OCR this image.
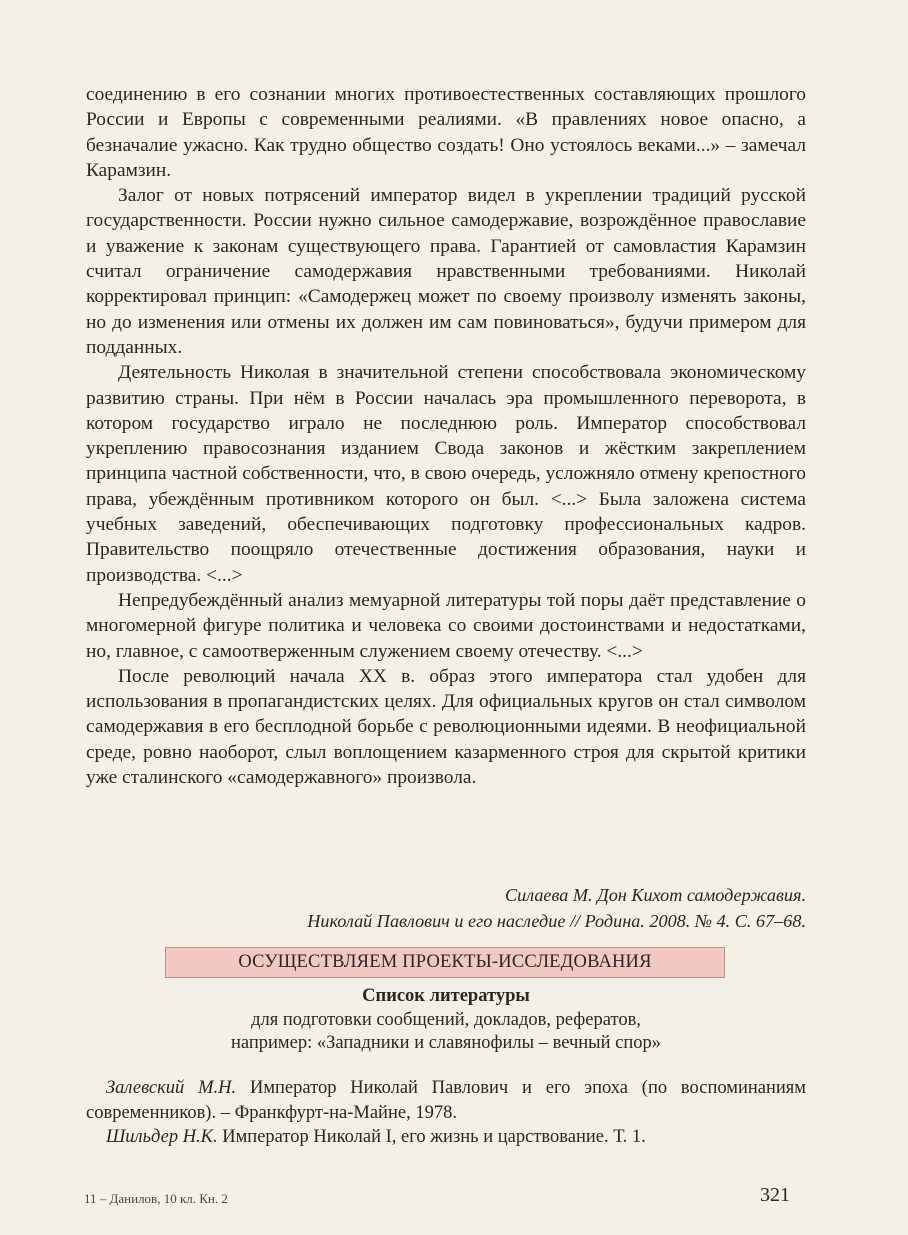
соединению в его сознании многих противоестественных составляющих прошлого России и Европы с современными реалиями. «В правлениях новое опасно, а безначалие ужасно. Как трудно общество создать! Оно устоялось веками...» – замечал Карамзин.

Залог от новых потрясений император видел в укреплении традиций русской государственности. России нужно сильное самодержавие, возрождённое православие и уважение к законам существующего права. Гарантией от самовластия Карамзин считал ограничение самодержавия нравственными требованиями. Николай корректировал принцип: «Самодержец может по своему произволу изменять законы, но до изменения или отмены их должен им сам повиноваться», будучи примером для подданных.

Деятельность Николая в значительной степени способствовала экономическому развитию страны. При нём в России началась эра промышленного переворота, в котором государство играло не последнюю роль. Император способствовал укреплению правосознания изданием Свода законов и жёстким закреплением принципа частной собственности, что, в свою очередь, усложняло отмену крепостного права, убеждённым противником которого он был. <...> Была заложена система учебных заведений, обеспечивающих подготовку профессиональных кадров. Правительство поощряло отечественные достижения образования, науки и производства. <...>

Непредубеждённый анализ мемуарной литературы той поры даёт представление о многомерной фигуре политика и человека со своими достоинствами и недостатками, но, главное, с самоотверженным служением своему отечеству. <...>

После революций начала XX в. образ этого императора стал удобен для использования в пропагандистских целях. Для официальных кругов он стал символом самодержавия в его бесплодной борьбе с революционными идеями. В неофициальной среде, ровно наоборот, слыл воплощением казарменного строя для скрытой критики уже сталинского «самодержавного» произвола.

Силаева М. Дон Кихот самодержавия.
Николай Павлович и его наследие // Родина. 2008. № 4. С. 67–68.
ОСУЩЕСТВЛЯЕМ ПРОЕКТЫ-ИССЛЕДОВАНИЯ
Список литературы
для подготовки сообщений, докладов, рефератов,
например: «Западники и славянофилы – вечный спор»

Залевский М.Н. Император Николай Павлович и его эпоха (по воспоминаниям современников). – Франкфурт-на-Майне, 1978.

Шильдер Н.К. Император Николай I, его жизнь и царствование. Т. 1.

11 – Данилов, 10 кл. Кн. 2	321
